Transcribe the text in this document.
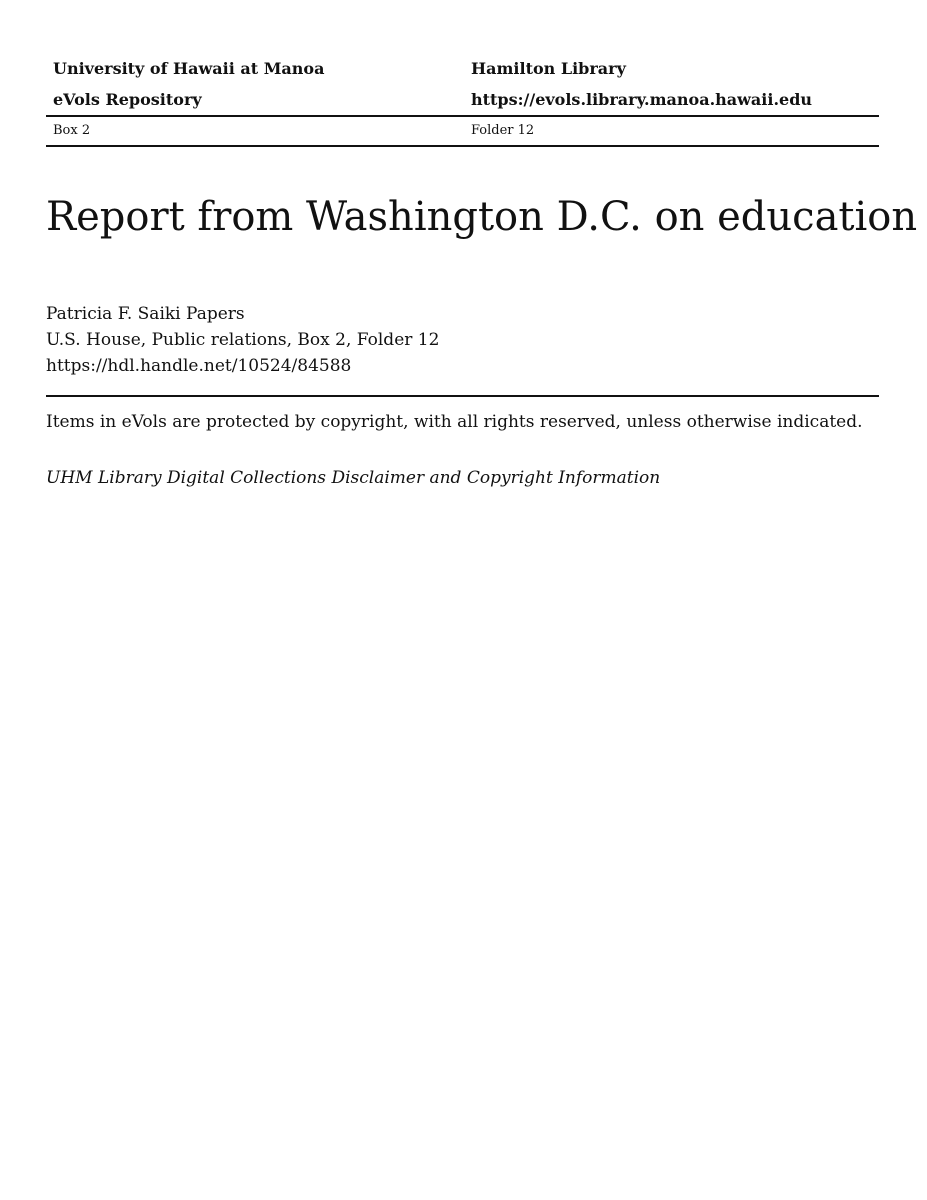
University of Hawaii at Manoa	Hamilton Library
eVols Repository	https://evols.library.manoa.hawaii.edu
Box 2	Folder 12
Report from Washington D.C. on education
Patricia F. Saiki Papers
U.S. House, Public relations, Box 2, Folder 12
https://hdl.handle.net/10524/84588
Items in eVols are protected by copyright, with all rights reserved, unless otherwise indicated.
UHM Library Digital Collections Disclaimer and Copyright Information
